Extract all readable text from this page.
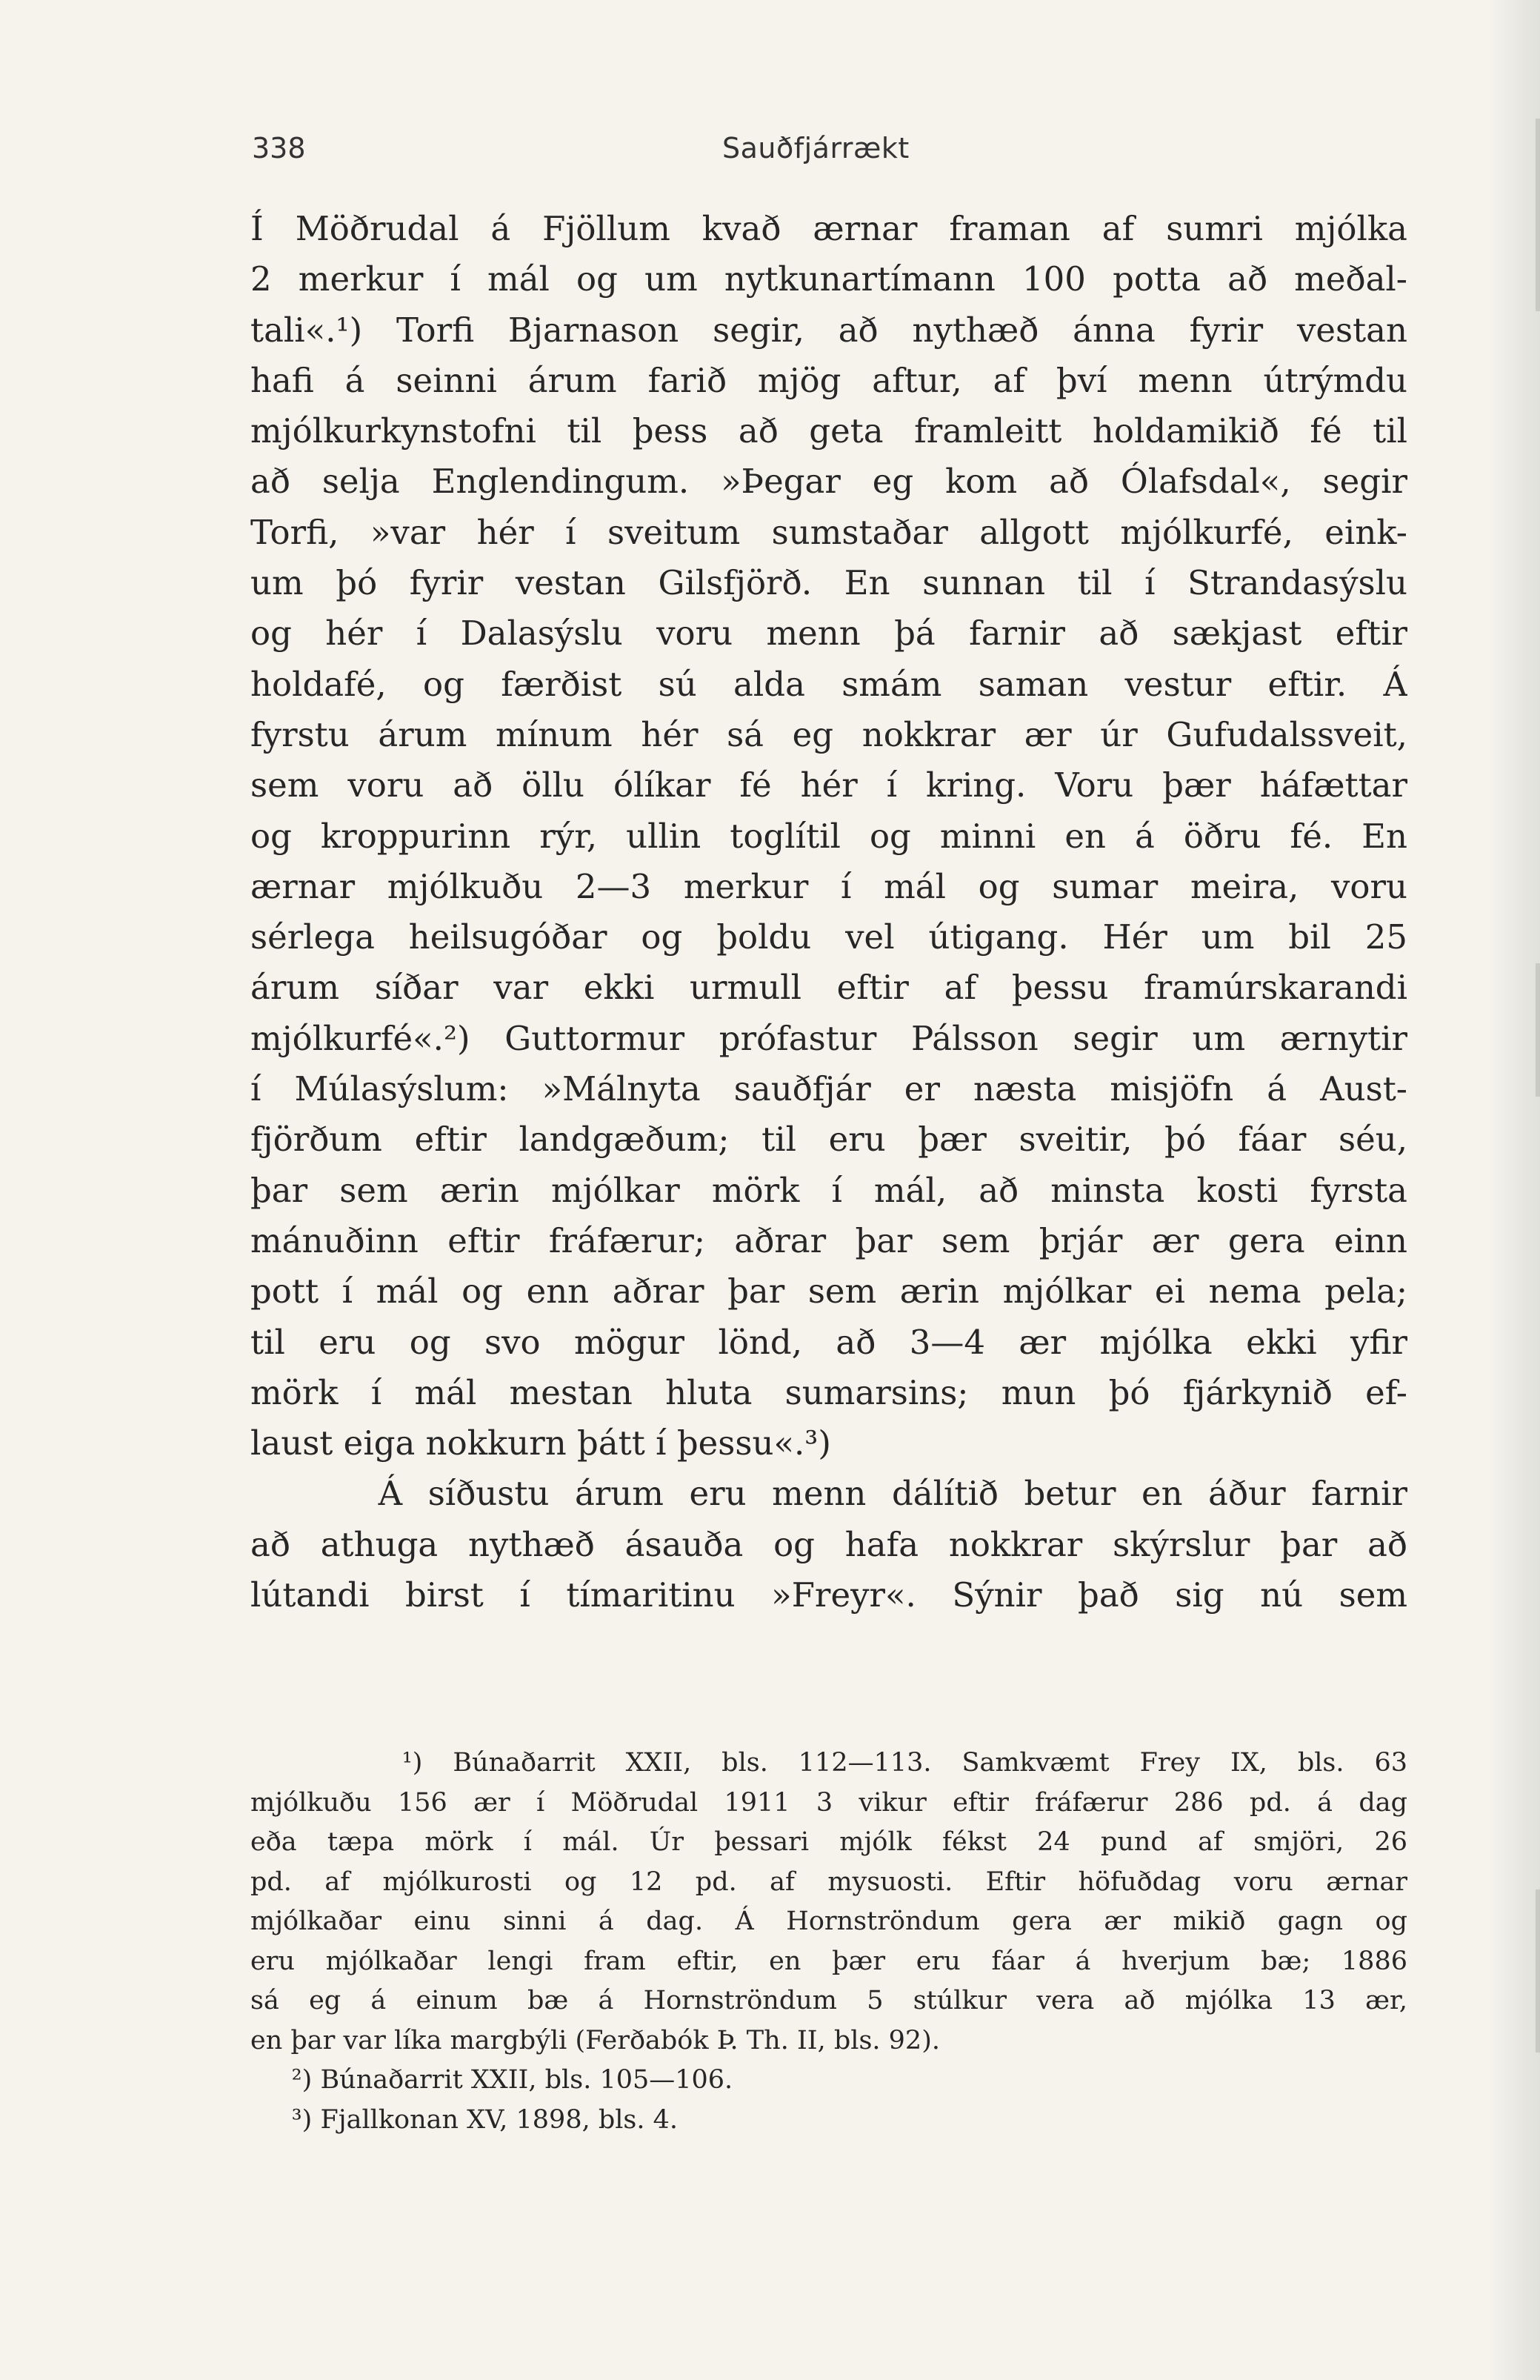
338	Sauðfjárrækt
Í Möðrudal á Fjöllum kvað ærnar framan af sumri mjólka
2 merkur í mál og um nytkunartímann 100 potta að meðal-
tali«.¹) Torfi Bjarnason segir, að nythæð ánna fyrir vestan
hafi á seinni árum farið mjög aftur, af því menn útrýmdu
mjólkurkynstofni til þess að geta framleitt holdamikið fé til
að selja Englendingum. »Þegar eg kom að Ólafsdal«, segir
Torfi, »var hér í sveitum sumstaðar allgott mjólkurfé, eink-
um þó fyrir vestan Gilsfjörð. En sunnan til í Strandasýslu
og hér í Dalasýslu voru menn þá farnir að sækjast eftir
holdafé, og færðist sú alda smám saman vestur eftir. Á
fyrstu árum mínum hér sá eg nokkrar ær úr Gufudalssveit,
sem voru að öllu ólíkar fé hér í kring. Voru þær háfættar
og kroppurinn rýr, ullin toglítil og minni en á öðru fé. En
ærnar mjólkuðu 2—3 merkur í mál og sumar meira, voru
sérlega heilsugóðar og þoldu vel útigang. Hér um bil 25
árum síðar var ekki urmull eftir af þessu framúrskarandi
mjólkurfé«.²) Guttormur prófastur Pálsson segir um ærnytir
í Múlasýslum: »Málnyta sauðfjár er næsta misjöfn á Aust-
fjörðum eftir landgæðum; til eru þær sveitir, þó fáar séu,
þar sem ærin mjólkar mörk í mál, að minsta kosti fyrsta
mánuðinn eftir fráfærur; aðrar þar sem þrjár ær gera einn
pott í mál og enn aðrar þar sem ærin mjólkar ei nema pela;
til eru og svo mögur lönd, að 3—4 ær mjólka ekki yfir
mörk í mál mestan hluta sumarsins; mun þó fjárkynið ef-
laust eiga nokkurn þátt í þessu«.³)
Á síðustu árum eru menn dálítið betur en áður farnir
að athuga nythæð ásauða og hafa nokkrar skýrslur þar að
lútandi birst í tímaritinu »Freyr«. Sýnir það sig nú sem
¹) Búnaðarrit XXII, bls. 112—113. Samkvæmt Frey IX, bls. 63
mjólkuðu 156 ær í Möðrudal 1911 3 vikur eftir fráfærur 286 pd. á dag
eða tæpa mörk í mál. Úr þessari mjólk fékst 24 pund af smjöri, 26
pd. af mjólkurosti og 12 pd. af mysuosti. Eftir höfuðdag voru ærnar
mjólkaðar einu sinni á dag. Á Hornströndum gera ær mikið gagn og
eru mjólkaðar lengi fram eftir, en þær eru fáar á hverjum bæ; 1886
sá eg á einum bæ á Hornströndum 5 stúlkur vera að mjólka 13 ær,
en þar var líka margbýli (Ferðabók Þ. Th. II, bls. 92).
²) Búnaðarrit XXII, bls. 105—106.
³) Fjallkonan XV, 1898, bls. 4.
